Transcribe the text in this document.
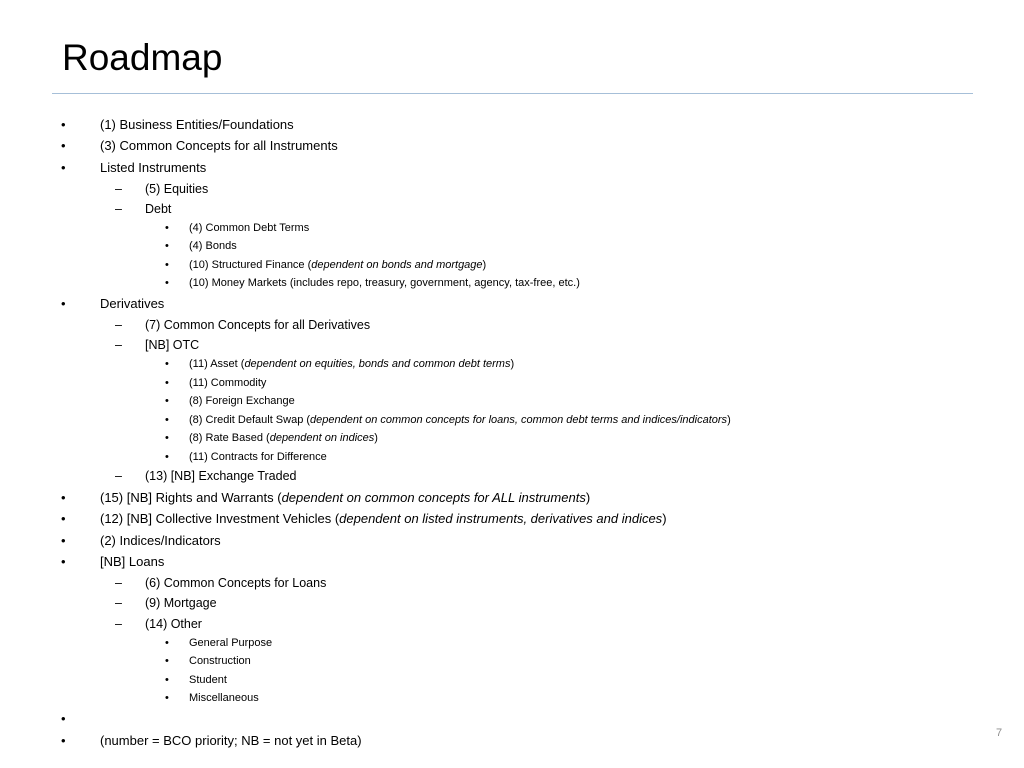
Roadmap
•	(1) Business Entities/Foundations
•	(3) Common Concepts for all Instruments
•	Listed Instruments
– (5) Equities
– Debt
• (4) Common Debt Terms
• (4) Bonds
• (10) Structured Finance (dependent on bonds and mortgage)
• (10) Money Markets (includes repo, treasury, government, agency, tax-free, etc.)
•	Derivatives
– (7) Common Concepts for all Derivatives
– [NB] OTC
• (11) Asset (dependent on equities, bonds and common debt terms)
• (11) Commodity
• (8) Foreign Exchange
• (8) Credit Default Swap (dependent on common concepts for loans, common debt terms and indices/indicators)
• (8) Rate Based (dependent on indices)
• (11) Contracts for Difference
– (13) [NB] Exchange Traded
•	(15) [NB] Rights and Warrants (dependent on common concepts for ALL instruments)
•	(12) [NB] Collective Investment Vehicles (dependent on listed instruments, derivatives and indices)
•	(2) Indices/Indicators
•	[NB] Loans
– (6) Common Concepts for Loans
– (9) Mortgage
– (14) Other
• General Purpose
• Construction
• Student
• Miscellaneous
•
•	(number = BCO priority; NB = not yet in Beta)	7
